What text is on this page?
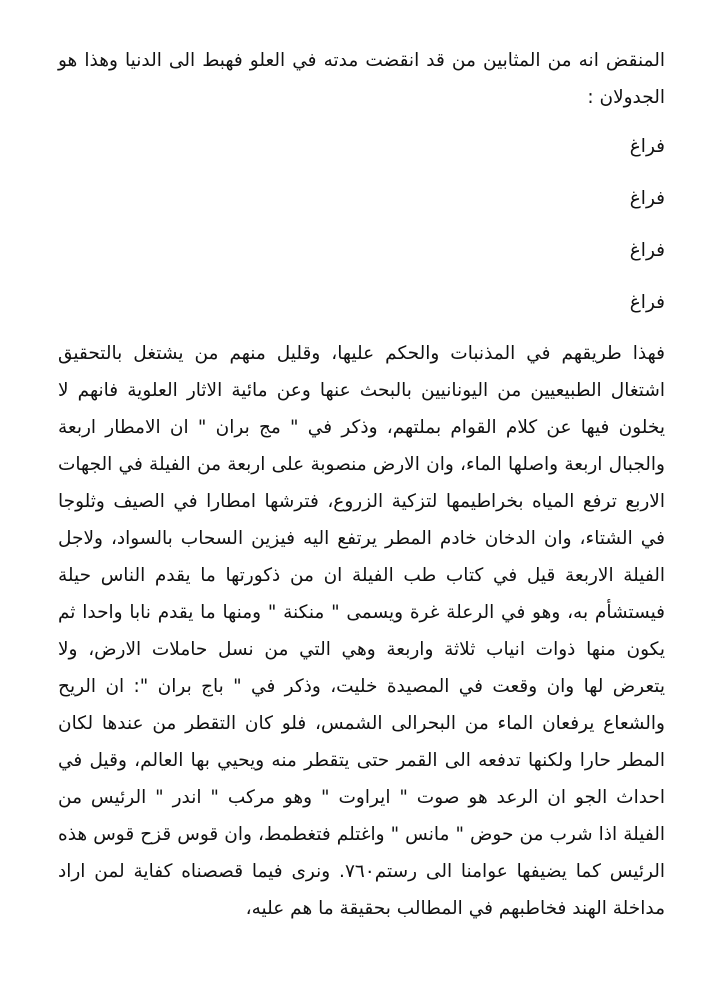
المنقض انه من المثابين من قد انقضت مدته في العلو فهبط الى الدنيا وهذا هو الجدولان :

فراغ

فراغ

فراغ

فراغ

فهذا طريقهم في المذنبات والحكم عليها، وقليل منهم من يشتغل بالتحقيق اشتغال الطبيعيين من اليونانيين بالبحث عنها وعن مائية الاثار العلوية فانهم لا يخلون فيها عن كلام القوام بملتهم، وذكر في " مج بران " ان الامطار اربعة والجبال اربعة واصلها الماء، وان الارض منصوبة على اربعة من الفيلة في الجهات الاربع ترفع المياه بخراطيمها لتزكية الزروع، فترشها امطارا في الصيف وثلوجا في الشتاء، وان الدخان خادم المطر يرتفع اليه فيزين السحاب بالسواد، ولاجل الفيلة الاربعة قيل في كتاب طب الفيلة ان من ذكورتها ما يقدم الناس حيلة فيستشأم به، وهو في الرعلة غرة ويسمى " منكنة " ومنها ما يقدم نابا واحدا ثم يكون منها ذوات انياب ثلاثة واربعة وهي التي من نسل حاملات الارض، ولا يتعرض لها وان وقعت في المصيدة خليت، وذكر في " باج بران ": ان الريح والشعاع يرفعان الماء من البحرالى الشمس، فلو كان التقطر من عندها لكان المطر حارا ولكنها تدفعه الى القمر حتى يتقطر منه ويحيي بها العالم، وقيل في احداث الجو ان الرعد هو صوت " ايراوت " وهو مركب " اندر " الرئيس من الفيلة اذا شرب من حوض " مانس " واغتلم فتغطمط، وان قوس قزح قوس هذه الرئيس كما يضيفها عوامنا الى رستم٧٦٠. ونرى فيما قصصناه كفاية لمن اراد مداخلة الهند فخاطبهم في المطالب بحقيقة ما هم عليه،
